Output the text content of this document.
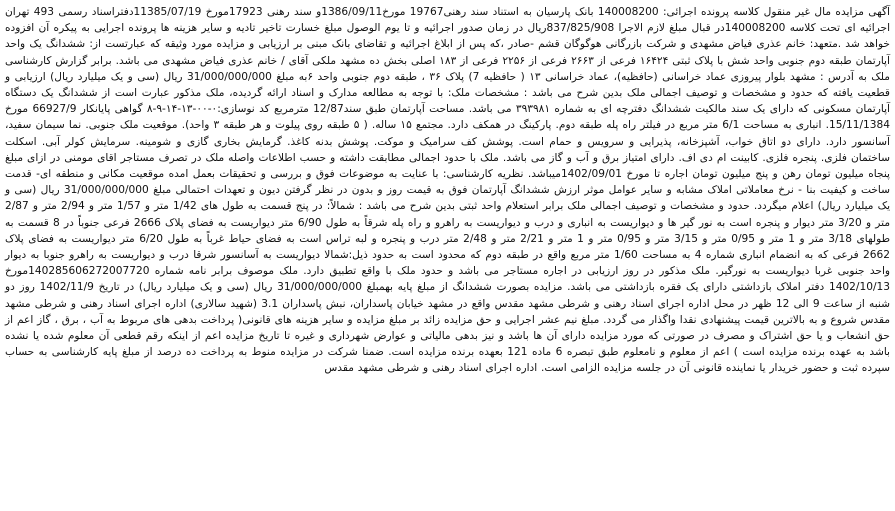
آگهی مزایده مال غیر منقول کلاسه پرونده اجرائی: 140008200 بانک پارسیان به استناد سند رهنی19767 مورخ1386/09/11و سند رهنی 17923مورخ 11385/07/19دفتراسناد رسمی 493 تهران اجرائیه ای تحت کلاسه 140008200در قبال مبلغ لازم الاجرا 837/825/908ریال در زمان صدور اجرائیه و تا یوم الوصول مبلغ خسارت تاخیر تادیه و سایر هزینه ها پرونده اجرایی به پیکره آن افزوده خواهد شد .متعهد: خانم عذری فیاض مشهدی و شرکت بازرگانی هوگوگان قشم -صادر ،که پس از ابلاغ اجرائیه و تقاضای بانک مبنی بر ارزیابی و مزایده مورد وثیقه که عبارتست از: ششدانگ یک واحد آپارتمان طبقه دوم جنوبی واحد شش با پلاک ثبتی ۱۶۴۲۴ فرعی از ۲۶۶۳ فرعی از ۲۲۵۶ فرعی از ۱۸۳ اصلی بخش ده مشهد ملکی آقای / خانم عذری فیاض مشهدی می باشد. برابر گزارش کارشناسی ملک به آدرس : مشهد بلوار پیروزی عماد خراسانی (حافظیه)، عماد خراسانی ۱۳ ( حافظیه 7) پلاک ۳۶ ، طبقه دوم جنوبی واحد ۶به مبلغ 31/000/000/000 ریال (سی و یک میلیارد ریال) ارزیابی و قطعیت یافته که حدود و مشخصات و توصیف اجمالی ملک بدین شرح می باشد : مشخصات ملک: با توجه به مطالعه مدارک و اسناد ارائه گردیده، ملک مذکور عبارت است از ششدانگ یک دستگاه آپارتمان مسکونی که دارای یک سند مالکیت ششدانگ دفترچه ای به شماره ۳۹۳۹۸۱ می باشد. مساحت آپارتمان طبق سند12/87 مترمربع کد نوسازی:۰-۰۰-۱۳-۱۴-۹-۸ گواهی پایانکار 66927/9 مورخ 15/11/1384. انباری به مساحت 6/1 متر مربع در فیلتر راه پله طبقه دوم. پارکینگ در همکف دارد. مجتمع ۱۵ ساله. ( ۵ طبقه روی پیلوت و هر طبقه ۳ واحد). موقعیت ملک جنوبی. نما سیمان سفید، آسانسور دارد. دارای دو اتاق خواب، آشپزخانه، پذیرایی و سرویس و حمام است. پوشش کف سرامیک و موکت. پوشش بدنه کاغذ. گرمایش بخاری گازی و شومینه. سرمایش کولر آبی. اسکلت ساختمان فلزی. پنجره فلزی. کابینت ام دی اف. دارای امتیاز برق و آب و گاز می باشد. ملک با حدود اجمالی مطابقت داشته و حسب اطلاعات واصله ملک در تصرف مستاجر اقای مومنی در ازای مبلغ پنجاه میلیون تومان رهن و پنج میلیون تومان اجاره تا مورخ 1402/09/01میباشد. نظریه کارشناسی: با عنایت به موضوعات فوق و بررسی و تحقیقات بعمل امده موقعیت مکانی و منطقه ای- قدمت ساخت و کیفیت بنا - نرخ معاملاتی املاک مشابه و سایر عوامل موثر ارزش ششدانگ آپارتمان فوق به قیمت روز و بدون در نظر گرفتن دیون و تعهدات احتمالی مبلغ 31/000/000/000 ریال (سی و یک میلیارد ریال) اعلام میگردد. حدود و مشخصات و توصیف اجمالی ملک برابر استعلام واحد ثبتی بدین شرح می باشد : شمالاً: در پنج قسمت به طول های 1/42 متر و 1/57 متر و 2/94 متر و 2/87 متر و 3/20 متر دیوار و پنجره است به نور گیر ها و دیواریست به انباری و درب و دیواریست به راهرو و راه پله شرقاً به طول 6/90 متر دیواریست به فضای پلاک 2666 فرعی جنوباً در 8 قسمت به طولهای 3/18 متر و 1 متر و 0/95 متر و 3/15 متر و 0/95 متر و 1 متر و 2/21 متر و 2/48 متر درب و پنجره و لبه تراس است به فضای حیاط غرباً به طول 6/20 متر دیواریست به فضای پلاک 2662 فرعی که به انضمام انباری شماره 4 به مساحت 1/60 متر مربع واقع در طبقه دوم که محدود است به حدود ذیل:شمالا دیواریست به آسانسور شرقا درب و دیواریست به راهرو جنوبا به دیوار واحد جنوبی غربا دیواریست به نورگیر. ملک مذکور در روز ارزیابی در اجاره مستاجر می باشد و حدود ملک با واقع تطبیق دارد. ملک موصوف برابر نامه شماره 140285606272007720مورخ 1402/10/13 دفتر املاک بازداشتی دارای یک فقره بازداشتی می باشد. مزایده بصورت ششدانگ از مبلغ پایه بهمبلغ 31/000/000/000 ریال (سی و یک میلیارد ریال) در تاریخ 1402/11/9 روز دو شنبه از ساعت 9 الی 12 ظهر در محل اداره اجرای اسناد رهنی و شرطی مشهد مقدس واقع در مشهد خیابان پاسداران، نبش پاسداران 3.1 (شهید سالاری) اداره اجرای اسناد رهنی و شرطی مشهد مقدس شروع و به بالاترین قیمت پیشنهادی نقدا واگذار می گردد. مبلغ نیم عشر اجرایی و حق مزایده زائد بر مبلغ مزایده و سایر هزینه های قانونی( پرداخت بدهی های مربوط به آب ، برق ، گاز اعم از حق انشعاب و یا حق اشتراک و مصرف در صورتی که مورد مزایده دارای آن ها باشد و نیز بدهی مالیاتی و عوارض شهرداری و غیره تا تاریخ مزایده اعم از اینکه رقم قطعی آن معلوم شده یا نشده باشد به عهده برنده مزایده است ) اعم از معلوم و نامعلوم طبق تبصره 6 ماده 121 بعهده برنده مزایده است. ضمنا شرکت در مزایده منوط به پرداخت ده درصد از مبلغ پایه کارشناسی به حساب سپرده ثبت و حضور خریدار یا نماینده قانونی آن در جلسه مزایده الزامی است. اداره اجرای اسناد رهنی و شرطی مشهد مقدس
